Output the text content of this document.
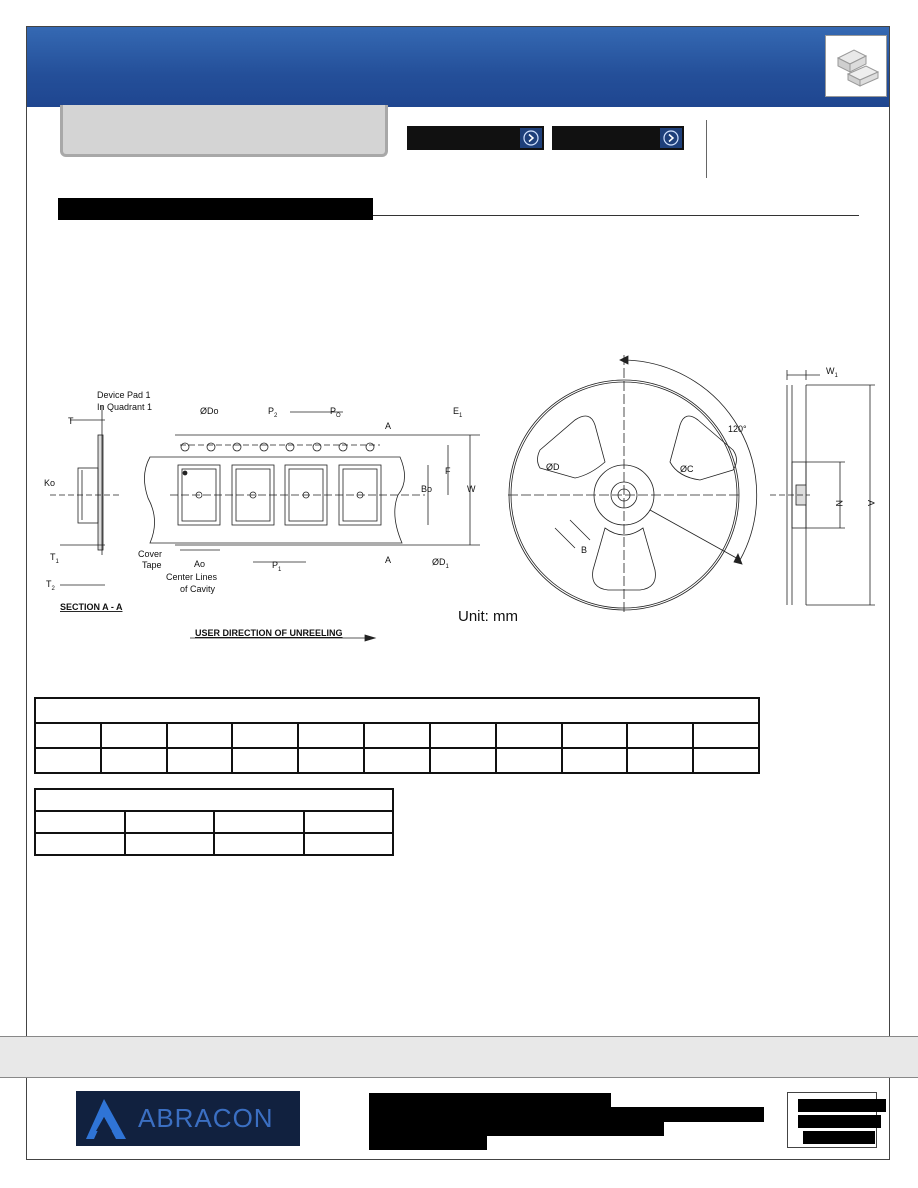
Device Pad 1
In Quadrant 1
T
Ko
$T_1$
$T_2$
SECTION A - A
Cover
Tape
Center Lines
of Cavity
ØDo	$P_2$	$P_O$	$E_1$
A
A
F
Bo	W
Ao	$P_1$
$ØD_1$
USER DIRECTION OF UNREELING
Unit: mm
120°
ØD	ØC
B
$W_1$
N A

ABRACON
